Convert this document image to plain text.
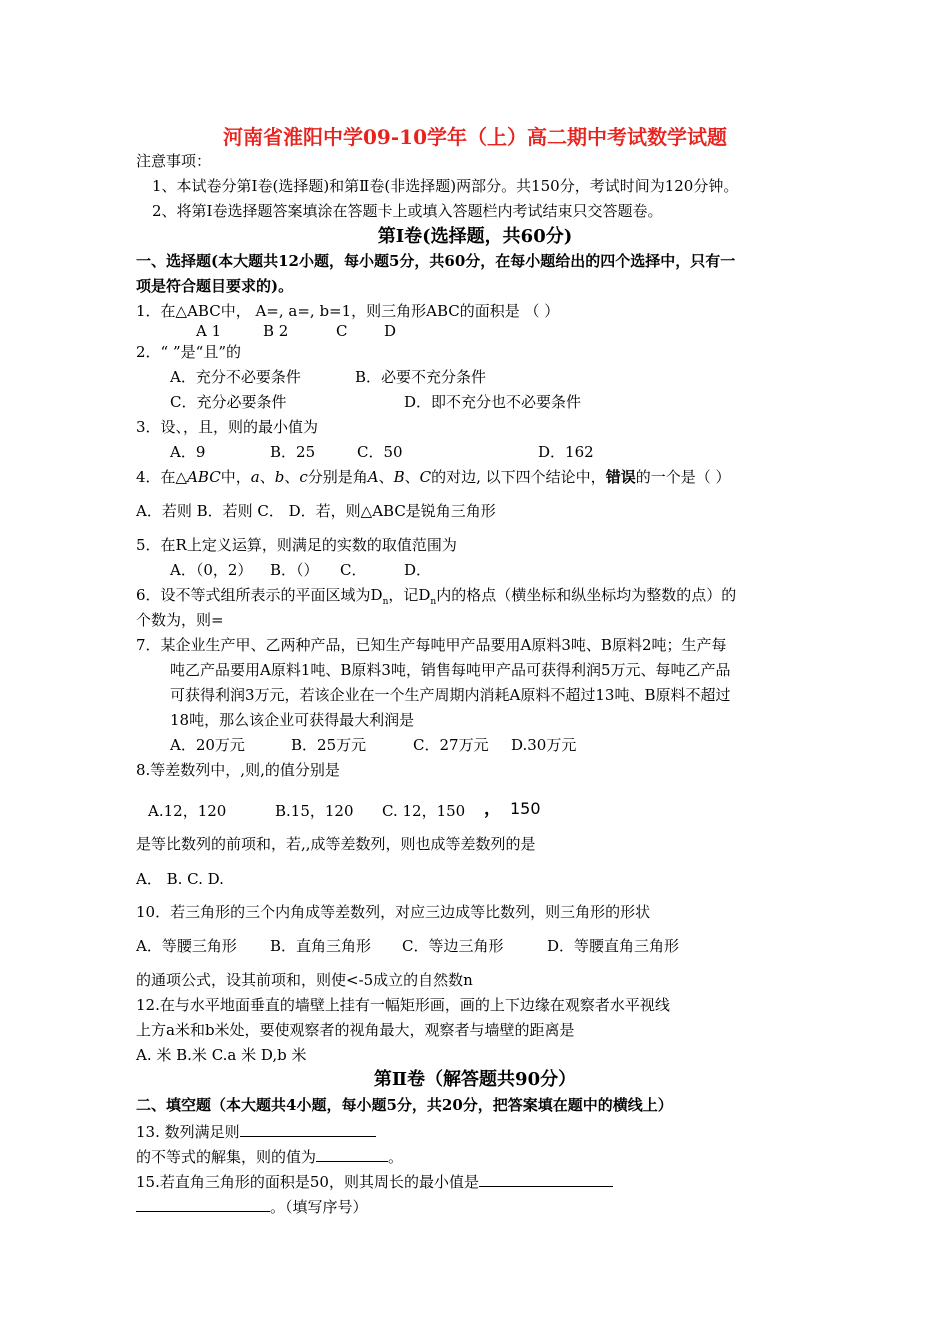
河南省淮阳中学09-10学年（上）高二期中考试数学试题
注意事项：
1、本试卷分第Ⅰ卷(选择题)和第Ⅱ卷(非选择题)两部分。共150分，考试时间为120分钟。
2、将第Ⅰ卷选择题答案填涂在答题卡上或填入答题栏内考试结束只交答题卷。
第Ⅰ卷(选择题，共60分)
一、选择题(本大题共12小题，每小题5分，共60分，在每小题给出的四个选择中，只有一
项是符合题目要求的)。
1．在△ABC中， A=, a=, b=1，则三角形ABC的面积是 （ ）
A 1	B 2	C D
2．“ ”是“且”的
A．充分不必要条件	B．必要不充分条件
C．充分必要条件	D．即不充分也不必要条件
3．设、，且，则的最小值为
A．9	B．25	C．50	D．162
4．在△ABC中，a、b、c分别是角A、B、C的对边, 以下四个结论中，错误的一个是（ ）
A．若则 B．若则 C． D．若，则△ABC是锐角三角形
5．在R上定义运算，则满足的实数的取值范围为
A．（0，2） B．（） C．	D．
6．设不等式组所表示的平面区域为$D_n$，记$D_n$内的格点（横坐标和纵坐标均为整数的点）的
个数为，则=
7．某企业生产甲、乙两种产品，已知生产每吨甲产品要用A原料3吨、B原料2吨；生产每
吨乙产品要用A原料1吨、B原料3吨，销售每吨甲产品可获得利润5万元、每吨乙产品
可获得利润3万元，若该企业在一个生产周期内消耗A原料不超过13吨、B原料不超过
18吨，那么该企业可获得最大利润是
A．20万元	B．25万元	C．27万元 D.30万元
8.等差数列中，,则,的值分别是
A.12，120	B.15，120 C. 12，150 ， 150
是等比数列的前项和，若,,成等差数列，则也成等差数列的是
A． B. C. D.
10．若三角形的三个内角成等差数列，对应三边成等比数列，则三角形的形状
A．等腰三角形 B．直角三角形 C．等边三角形	D．等腰直角三角形
的通项公式，设其前项和，则使<-5成立的自然数n
12.在与水平地面垂直的墙壁上挂有一幅矩形画，画的上下边缘在观察者水平视线
上方a米和b米处，要使观察者的视角最大，观察者与墙壁的距离是
A. 米 B.米 C.a 米 D,b 米
第Ⅱ卷（解答题共90分）
二、填空题（本大题共4小题，每小题5分，共20分，把答案填在题中的横线上）
13. 数列满足则
的不等式的解集，则的值为	。
15.若直角三角形的面积是50，则其周长的最小值是
。（填写序号）
